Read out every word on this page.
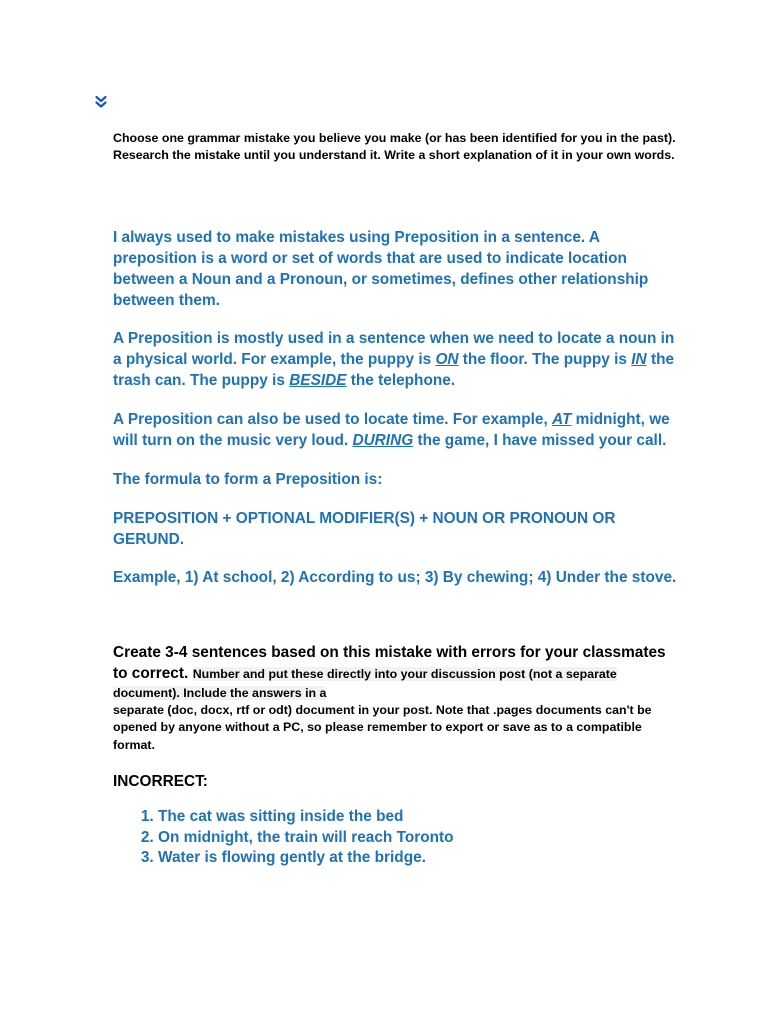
Choose one grammar mistake you believe you make (or has been identified for you in the past). Research the mistake until you understand it. Write a short explanation of it in your own words.

I always used to make mistakes using Preposition in a sentence. A preposition is a word or set of words that are used to indicate location between a Noun and a Pronoun, or sometimes, defines other relationship between them.

A Preposition is mostly used in a sentence when we need to locate a noun in a physical world. For example, the puppy is ON the floor. The puppy is IN the trash can. The puppy is BESIDE the telephone.

A Preposition can also be used to locate time. For example, AT midnight, we will turn on the music very loud. DURING the game, I have missed your call.

The formula to form a Preposition is:

PREPOSITION + OPTIONAL MODIFIER(S) + NOUN OR PRONOUN OR GERUND.

Example, 1) At school, 2) According to us; 3) By chewing; 4) Under the stove.

Create 3-4 sentences based on this mistake with errors for your classmates to correct. Number and put these directly into your discussion post (not a separate document). Include the answers in a
separate (doc, docx, rtf or odt) document in your post. Note that .pages documents can't be opened by anyone without a PC, so please remember to export or save as to a compatible format.

INCORRECT:

1. The cat was sitting inside the bed
2. On midnight, the train will reach Toronto
3. Water is flowing gently at the bridge.
